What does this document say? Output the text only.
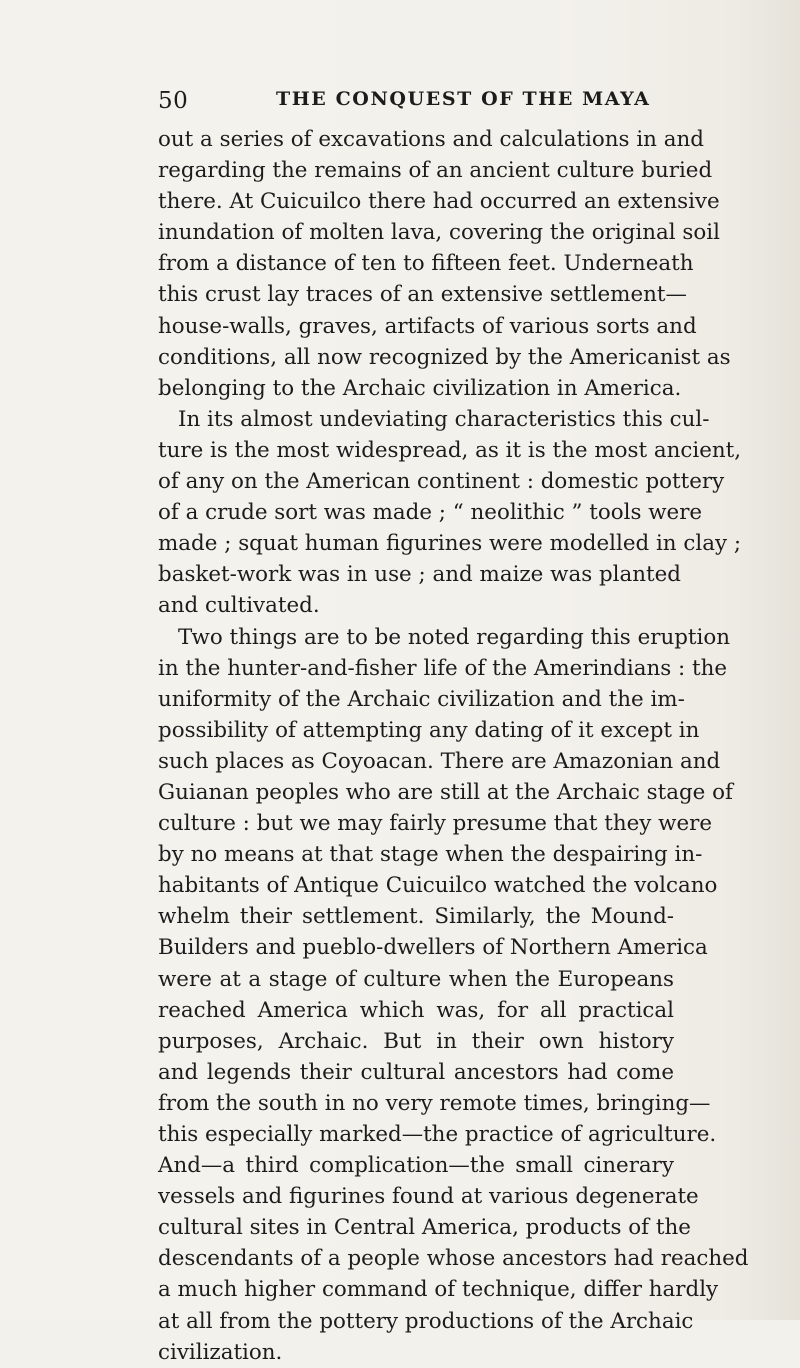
50	THE CONQUEST OF THE MAYA
out a series of excavations and calculations in and
regarding the remains of an ancient culture buried
there. At Cuicuilco there had occurred an extensive
inundation of molten lava, covering the original soil
from a distance of ten to fifteen feet. Underneath
this crust lay traces of an extensive settlement—
house-walls, graves, artifacts of various sorts and
conditions, all now recognized by the Americanist as
belonging to the Archaic civilization in America.
In its almost undeviating characteristics this cul-
ture is the most widespread, as it is the most ancient,
of any on the American continent : domestic pottery
of a crude sort was made ; “ neolithic ” tools were
made ; squat human figurines were modelled in clay ;
basket-work was in use ; and maize was planted
and cultivated.
Two things are to be noted regarding this eruption
in the hunter-and-fisher life of the Amerindians : the
uniformity of the Archaic civilization and the im-
possibility of attempting any dating of it except in
such places as Coyoacan. There are Amazonian and
Guianan peoples who are still at the Archaic stage of
culture : but we may fairly presume that they were
by no means at that stage when the despairing in-
habitants of Antique Cuicuilco watched the volcano
whelm their settlement. Similarly, the Mound-
Builders and pueblo-dwellers of Northern America
were at a stage of culture when the Europeans
reached America which was, for all practical
purposes, Archaic. But in their own history
and legends their cultural ancestors had come
from the south in no very remote times, bringing—
this especially marked—the practice of agriculture.
And—a third complication—the small cinerary
vessels and figurines found at various degenerate
cultural sites in Central America, products of the
descendants of a people whose ancestors had reached
a much higher command of technique, differ hardly
at all from the pottery productions of the Archaic
civilization.
